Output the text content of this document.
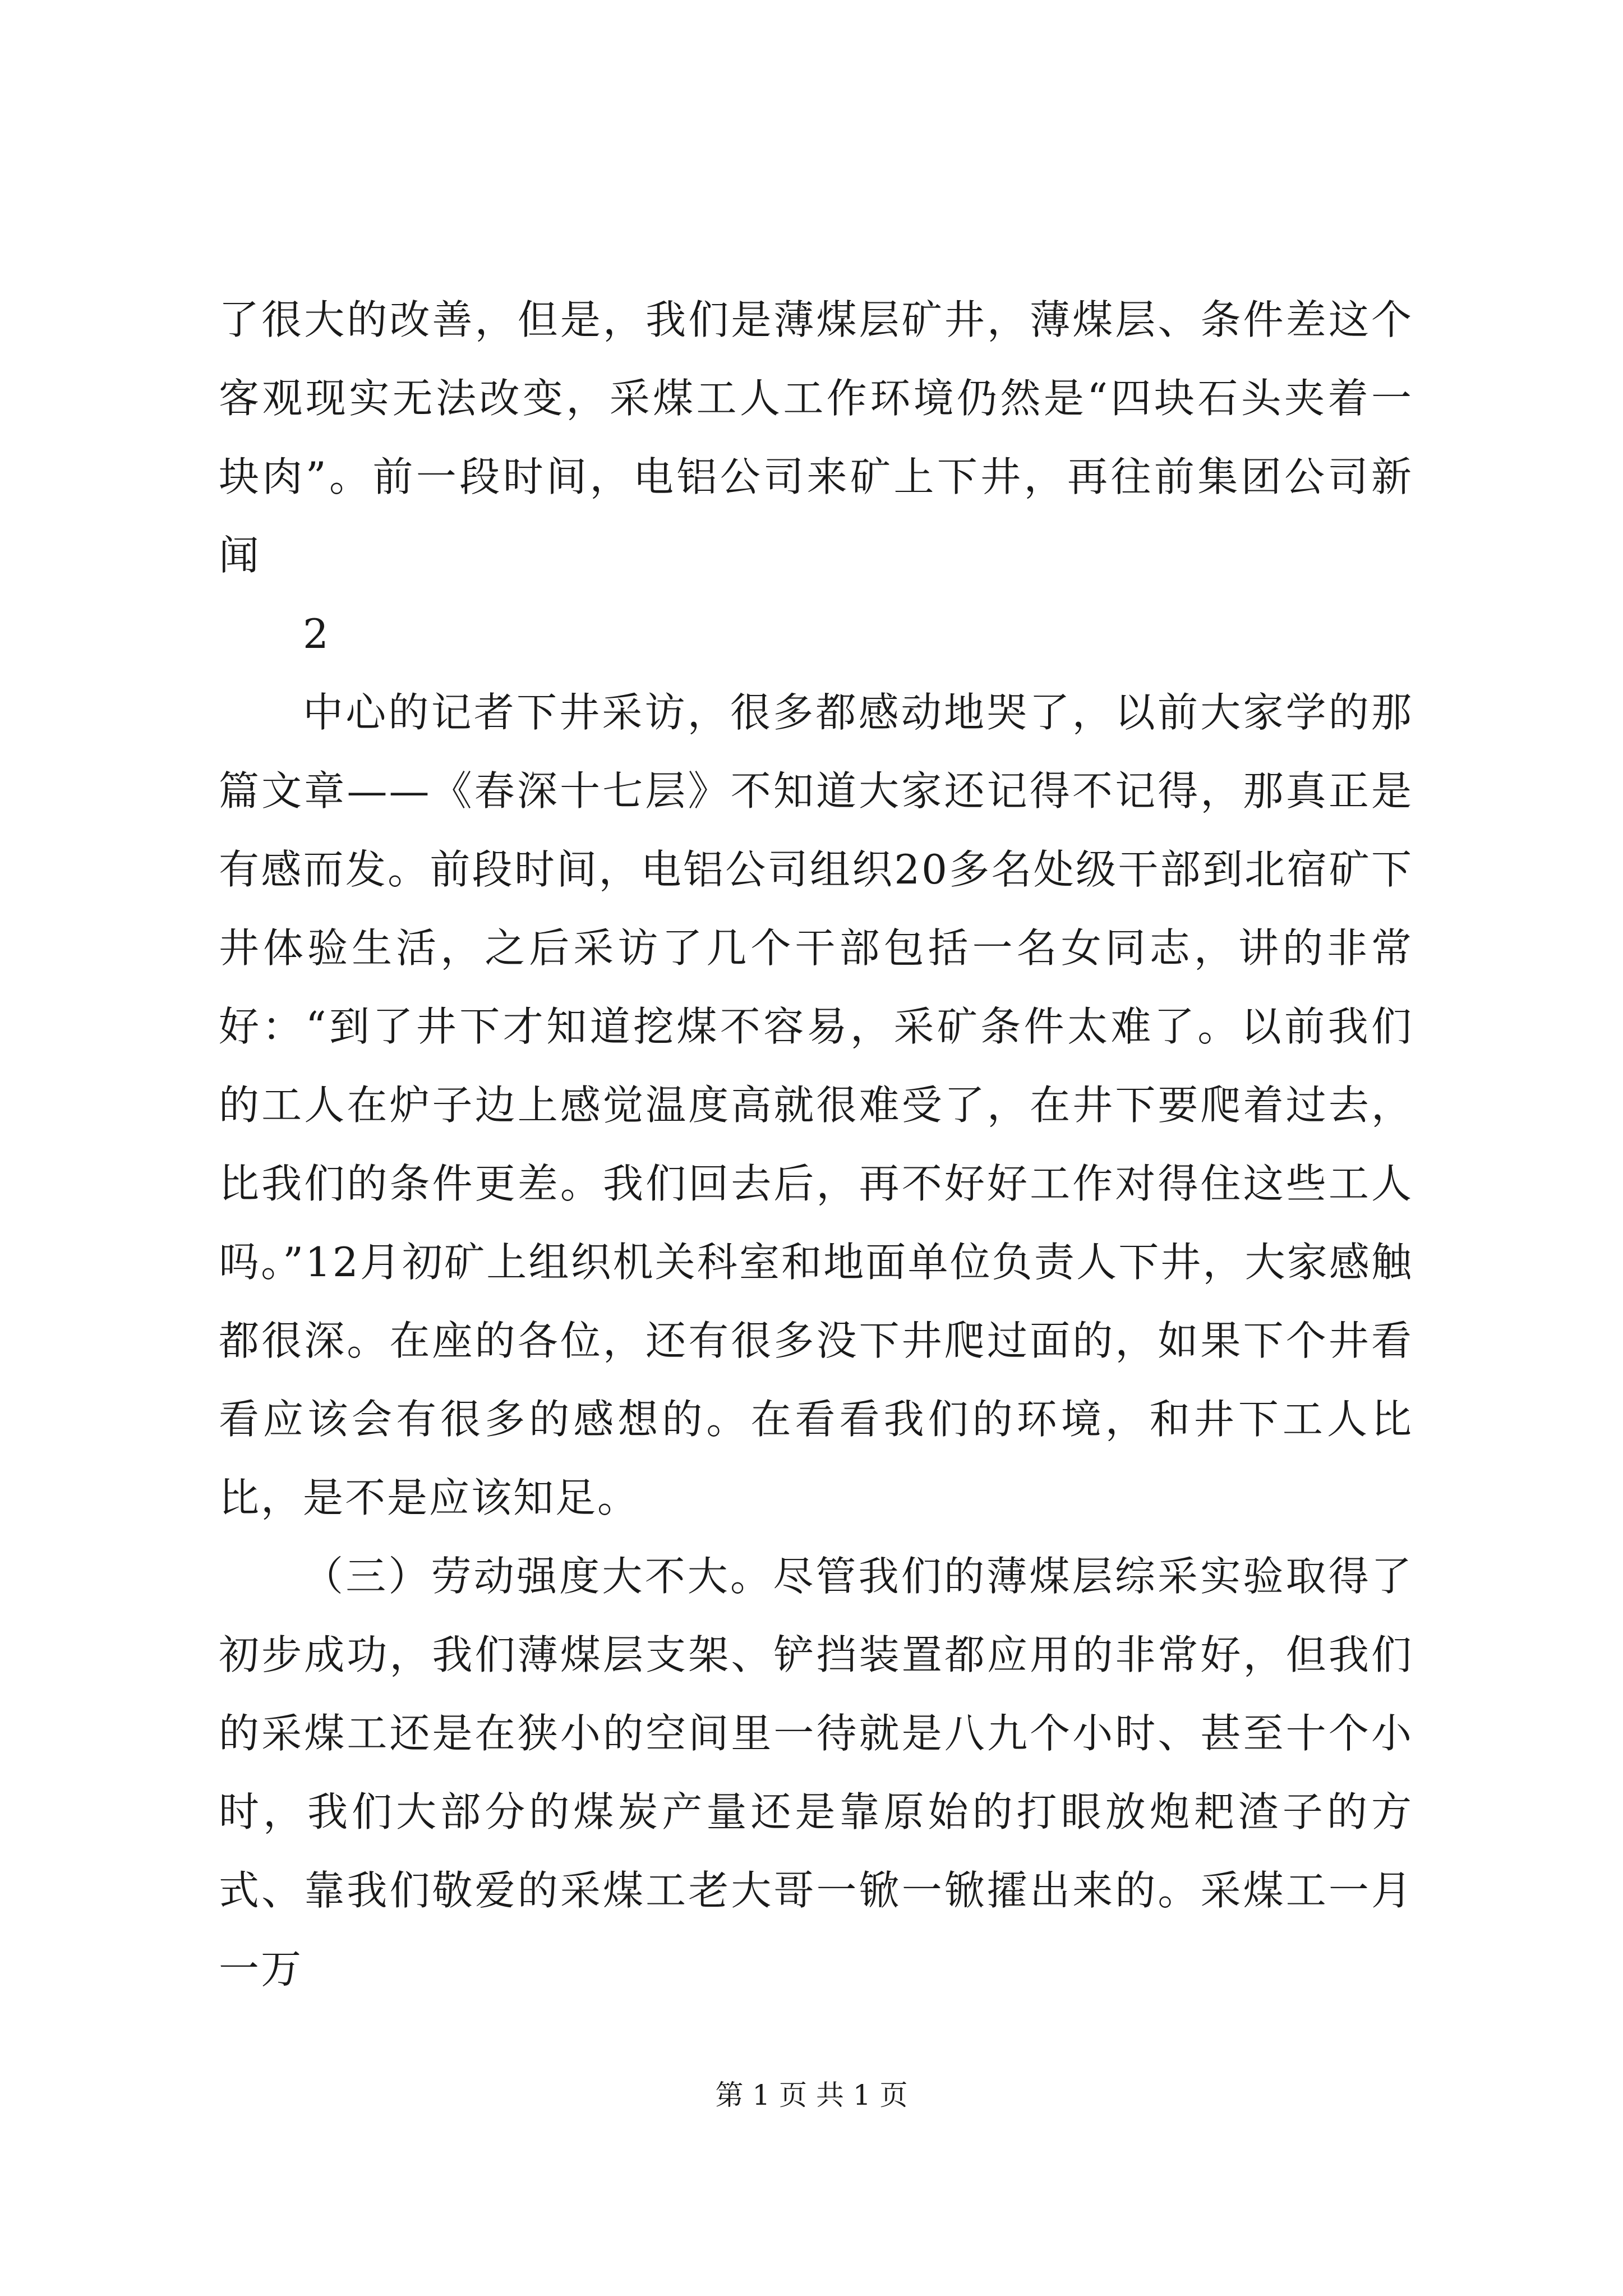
了很大的改善，但是，我们是薄煤层矿井，薄煤层、条件差这个客观现实无法改变，采煤工人工作环境仍然是“四块石头夹着一块肉”。前一段时间，电铝公司来矿上下井，再往前集团公司新闻

2

中心的记者下井采访，很多都感动地哭了，以前大家学的那篇文章——《春深十七层》不知道大家还记得不记得，那真正是有感而发。前段时间，电铝公司组织20多名处级干部到北宿矿下井体验生活，之后采访了几个干部包括一名女同志，讲的非常好：“到了井下才知道挖煤不容易，采矿条件太难了。以前我们的工人在炉子边上感觉温度高就很难受了，在井下要爬着过去，比我们的条件更差。我们回去后，再不好好工作对得住这些工人吗。”12月初矿上组织机关科室和地面单位负责人下井，大家感触都很深。在座的各位，还有很多没下井爬过面的，如果下个井看看应该会有很多的感想的。在看看我们的环境，和井下工人比比，是不是应该知足。

（三）劳动强度大不大。尽管我们的薄煤层综采实验取得了初步成功，我们薄煤层支架、铲挡装置都应用的非常好，但我们的采煤工还是在狭小的空间里一待就是八九个小时、甚至十个小时，我们大部分的煤炭产量还是靠原始的打眼放炮耙渣子的方式、靠我们敬爱的采煤工老大哥一锨一锨攉出来的。采煤工一月一万

第 1 页 共 1 页
